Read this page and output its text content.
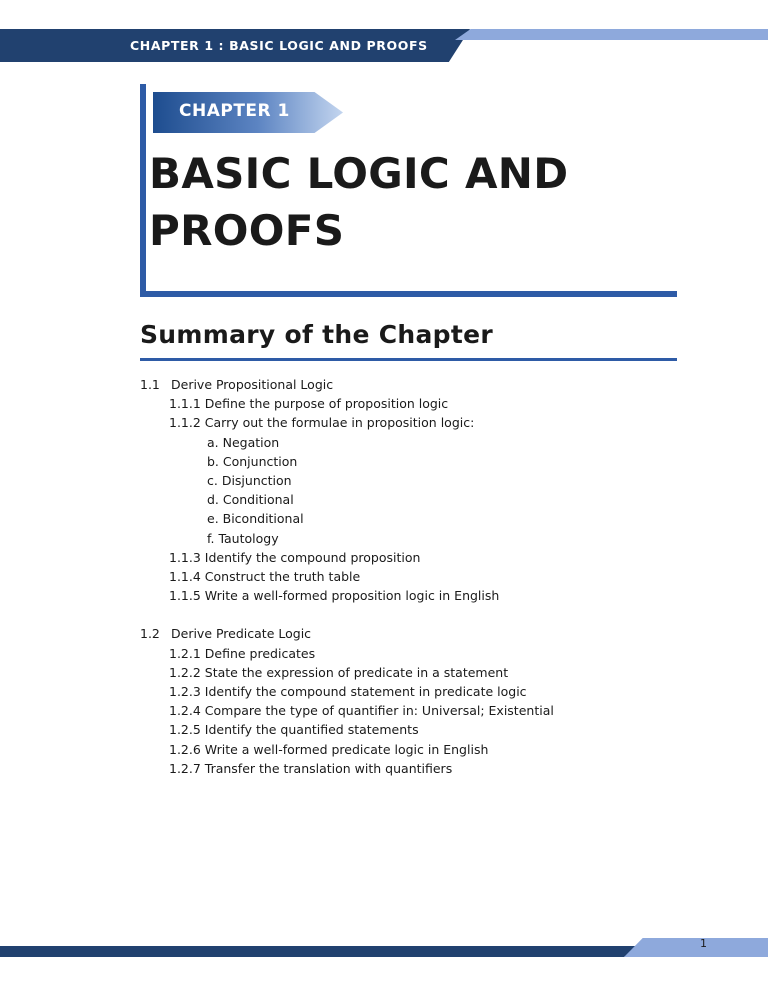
CHAPTER 1 : BASIC LOGIC AND PROOFS
CHAPTER 1
BASIC LOGIC AND
PROOFS
Summary of the Chapter
1.1 Derive Propositional Logic
1.1.1 Define the purpose of proposition logic
1.1.2 Carry out the formulae in proposition logic:
a. Negation
b. Conjunction
c. Disjunction
d. Conditional
e. Biconditional
f. Tautology
1.1.3 Identify the compound proposition
1.1.4 Construct the truth table
1.1.5 Write a well-formed proposition logic in English
1.2 Derive Predicate Logic
1.2.1 Define predicates
1.2.2 State the expression of predicate in a statement
1.2.3 Identify the compound statement in predicate logic
1.2.4 Compare the type of quantifier in: Universal; Existential
1.2.5 Identify the quantified statements
1.2.6 Write a well-formed predicate logic in English
1.2.7 Transfer the translation with quantifiers
1
